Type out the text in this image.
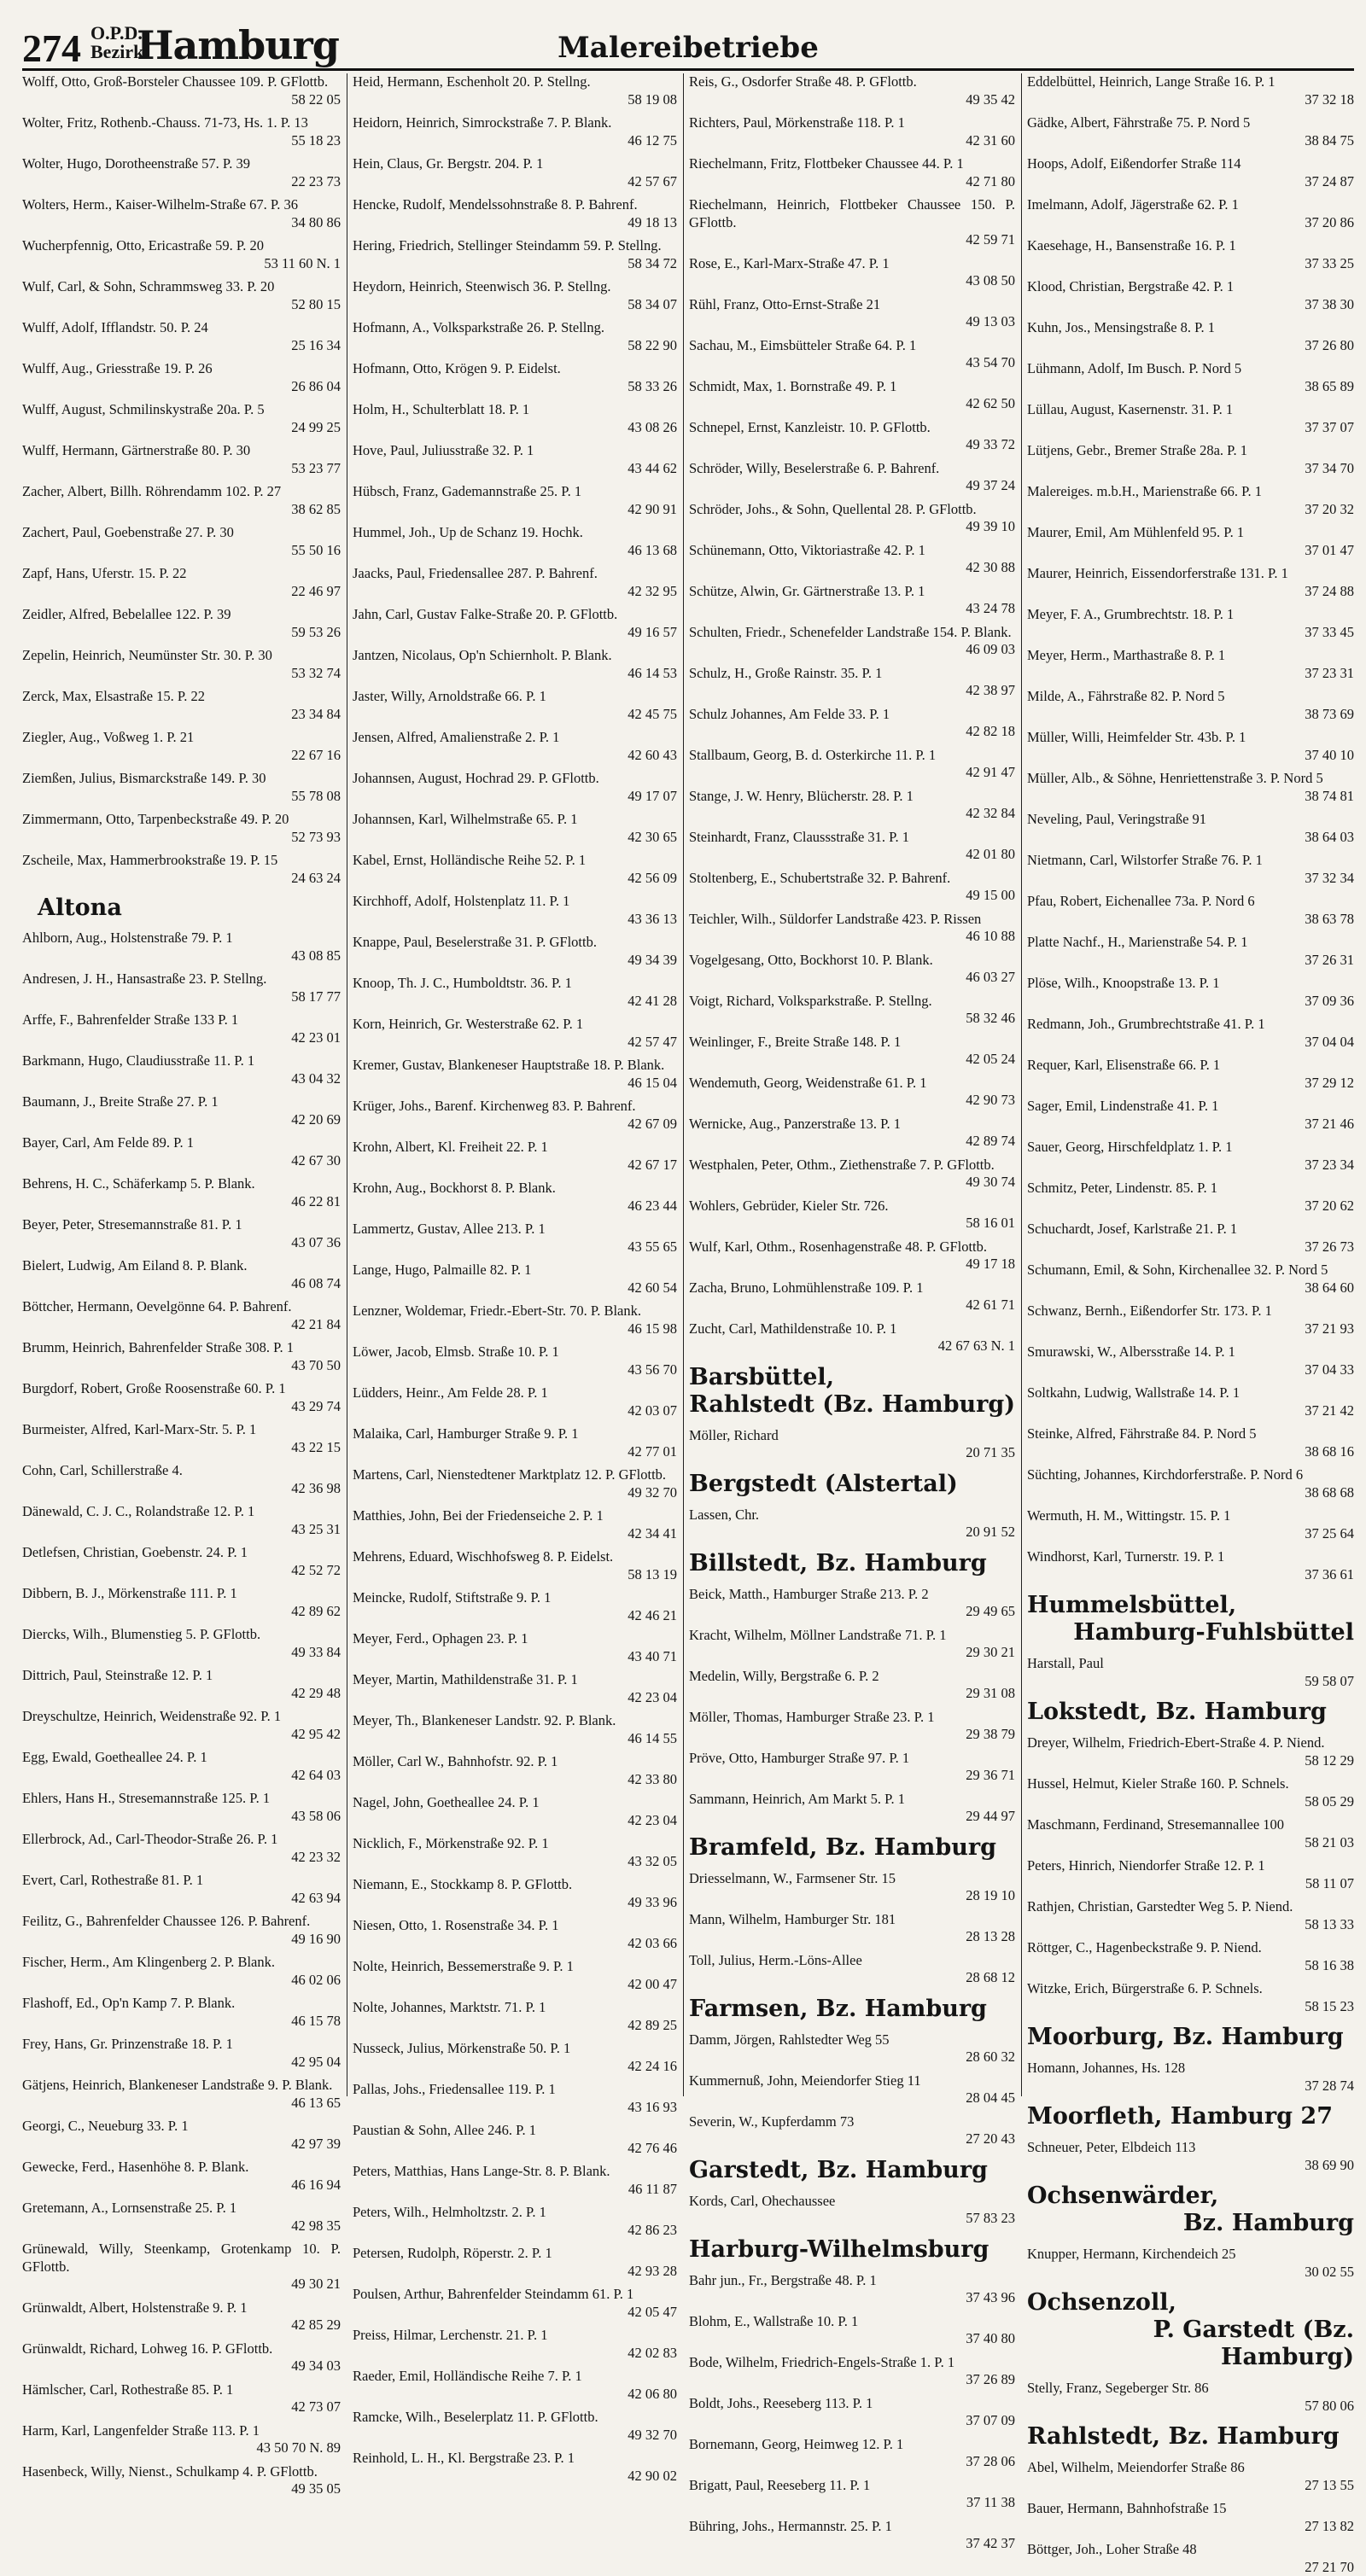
274 O.P.D.
Bezirk
Hamburg	Malereibetriebe
Wolff, Otto, Groß-Borsteler Chaussee 109. P. GFlottb.
58 22 05
Wolter, Fritz, Rothenb.-Chauss. 71-73, Hs. 1. P. 13
55 18 23
Wolter, Hugo, Dorotheenstraße 57. P. 39
22 23 73
Wolters, Herm., Kaiser-Wilhelm-Straße 67. P. 36
34 80 86
Wucherpfennig, Otto, Ericastraße 59. P. 20
53 11 60 N. 1
Wulf, Carl, & Sohn, Schrammsweg 33. P. 20
52 80 15
Wulff, Adolf, Ifflandstr. 50. P. 24
25 16 34
Wulff, Aug., Griesstraße 19. P. 26
26 86 04
Wulff, August, Schmilinskystraße 20a. P. 5
24 99 25
Wulff, Hermann, Gärtnerstraße 80. P. 30
53 23 77
Zacher, Albert, Billh. Röhrendamm 102. P. 27
38 62 85
Zachert, Paul, Goebenstraße 27. P. 30
55 50 16
Zapf, Hans, Uferstr. 15. P. 22
22 46 97
Zeidler, Alfred, Bebelallee 122. P. 39
59 53 26
Zepelin, Heinrich, Neumünster Str. 30. P. 30
53 32 74
Zerck, Max, Elsastraße 15. P. 22
23 34 84
Ziegler, Aug., Voßweg 1. P. 21
22 67 16
Ziemßen, Julius, Bismarckstraße 149. P. 30
55 78 08
Zimmermann, Otto, Tarpenbeckstraße 49. P. 20
52 73 93
Zscheile, Max, Hammerbrookstraße 19. P. 15
24 63 24
Altona
Ahlborn, Aug., Holstenstraße 79. P. 1
43 08 85
Andresen, J. H., Hansastraße 23. P. Stellng.
58 17 77
Arffe, F., Bahrenfelder Straße 133 P. 1
42 23 01
Barkmann, Hugo, Claudiusstraße 11. P. 1
43 04 32
Baumann, J., Breite Straße 27. P. 1
42 20 69
Bayer, Carl, Am Felde 89. P. 1
42 67 30
Behrens, H. C., Schäferkamp 5. P. Blank.
46 22 81
Beyer, Peter, Stresemannstraße 81. P. 1
43 07 36
Bielert, Ludwig, Am Eiland 8. P. Blank.
46 08 74
Böttcher, Hermann, Oevelgönne 64. P. Bahrenf.
42 21 84
Brumm, Heinrich, Bahrenfelder Straße 308. P. 1
43 70 50
Burgdorf, Robert, Große Roosenstraße 60. P. 1
43 29 74
Burmeister, Alfred, Karl-Marx-Str. 5. P. 1
43 22 15
Cohn, Carl, Schillerstraße 4.
42 36 98
Dänewald, C. J. C., Rolandstraße 12. P. 1
43 25 31
Detlefsen, Christian, Goebenstr. 24. P. 1
42 52 72
Dibbern, B. J., Mörkenstraße 111. P. 1
42 89 62
Diercks, Wilh., Blumenstieg 5. P. GFlottb.
49 33 84
Dittrich, Paul, Steinstraße 12. P. 1
42 29 48
Dreyschultze, Heinrich, Weidenstraße 92. P. 1
42 95 42
Egg, Ewald, Goetheallee 24. P. 1
42 64 03
Ehlers, Hans H., Stresemannstraße 125. P. 1
43 58 06
Ellerbrock, Ad., Carl-Theodor-Straße 26. P. 1
42 23 32
Evert, Carl, Rothestraße 81. P. 1
42 63 94
Feilitz, G., Bahrenfelder Chaussee 126. P. Bahrenf.
49 16 90
Fischer, Herm., Am Klingenberg 2. P. Blank.
46 02 06
Flashoff, Ed., Op'n Kamp 7. P. Blank.
46 15 78
Frey, Hans, Gr. Prinzenstraße 18. P. 1
42 95 04
Gätjens, Heinrich, Blankeneser Landstraße 9. P. Blank.
46 13 65
Georgi, C., Neueburg 33. P. 1
42 97 39
Gewecke, Ferd., Hasenhöhe 8. P. Blank.
46 16 94
Gretemann, A., Lornsenstraße 25. P. 1
42 98 35
Grünewald, Willy, Steenkamp, Grotenkamp 10. P. GFlottb.
49 30 21
Grünwaldt, Albert, Holstenstraße 9. P. 1
42 85 29
Grünwaldt, Richard, Lohweg 16. P. GFlottb.
49 34 03
Hämlscher, Carl, Rothestraße 85. P. 1
42 73 07
Harm, Karl, Langenfelder Straße 113. P. 1
43 50 70 N. 89
Hasenbeck, Willy, Nienst., Schulkamp 4. P. GFlottb.
49 35 05
Heid, Hermann, Eschenholt 20. P. Stellng.
58 19 08
Heidorn, Heinrich, Simrockstraße 7. P. Blank.
46 12 75
Hein, Claus, Gr. Bergstr. 204. P. 1
42 57 67
Hencke, Rudolf, Mendelssohnstraße 8. P. Bahrenf.
49 18 13
Hering, Friedrich, Stellinger Steindamm 59. P. Stellng.
58 34 72
Heydorn, Heinrich, Steenwisch 36. P. Stellng.
58 34 07
Hofmann, A., Volksparkstraße 26. P. Stellng.
58 22 90
Hofmann, Otto, Krögen 9. P. Eidelst.
58 33 26
Holm, H., Schulterblatt 18. P. 1
43 08 26
Hove, Paul, Juliusstraße 32. P. 1
43 44 62
Hübsch, Franz, Gademannstraße 25. P. 1
42 90 91
Hummel, Joh., Up de Schanz 19. Hochk.
46 13 68
Jaacks, Paul, Friedensallee 287. P. Bahrenf.
42 32 95
Jahn, Carl, Gustav Falke-Straße 20. P. GFlottb.
49 16 57
Jantzen, Nicolaus, Op'n Schiernholt. P. Blank.
46 14 53
Jaster, Willy, Arnoldstraße 66. P. 1
42 45 75
Jensen, Alfred, Amalienstraße 2. P. 1
42 60 43
Johannsen, August, Hochrad 29. P. GFlottb.
49 17 07
Johannsen, Karl, Wilhelmstraße 65. P. 1
42 30 65
Kabel, Ernst, Holländische Reihe 52. P. 1
42 56 09
Kirchhoff, Adolf, Holstenplatz 11. P. 1
43 36 13
Knappe, Paul, Beselerstraße 31. P. GFlottb.
49 34 39
Knoop, Th. J. C., Humboldtstr. 36. P. 1
42 41 28
Korn, Heinrich, Gr. Westerstraße 62. P. 1
42 57 47
Kremer, Gustav, Blankeneser Hauptstraße 18. P. Blank.
46 15 04
Krüger, Johs., Barenf. Kirchenweg 83. P. Bahrenf.
42 67 09
Krohn, Albert, Kl. Freiheit 22. P. 1
42 67 17
Krohn, Aug., Bockhorst 8. P. Blank.
46 23 44
Lammertz, Gustav, Allee 213. P. 1
43 55 65
Lange, Hugo, Palmaille 82. P. 1
42 60 54
Lenzner, Woldemar, Friedr.-Ebert-Str. 70. P. Blank.
46 15 98
Löwer, Jacob, Elmsb. Straße 10. P. 1
43 56 70
Lüdders, Heinr., Am Felde 28. P. 1
42 03 07
Malaika, Carl, Hamburger Straße 9. P. 1
42 77 01
Martens, Carl, Nienstedtener Marktplatz 12. P. GFlottb.
49 32 70
Matthies, John, Bei der Friedenseiche 2. P. 1
42 34 41
Mehrens, Eduard, Wischhofsweg 8. P. Eidelst.
58 13 19
Meincke, Rudolf, Stiftstraße 9. P. 1
42 46 21
Meyer, Ferd., Ophagen 23. P. 1
43 40 71
Meyer, Martin, Mathildenstraße 31. P. 1
42 23 04
Meyer, Th., Blankeneser Landstr. 92. P. Blank.
46 14 55
Möller, Carl W., Bahnhofstr. 92. P. 1
42 33 80
Nagel, John, Goetheallee 24. P. 1
42 23 04
Nicklich, F., Mörkenstraße 92. P. 1
43 32 05
Niemann, E., Stockkamp 8. P. GFlottb.
49 33 96
Niesen, Otto, 1. Rosenstraße 34. P. 1
42 03 66
Nolte, Heinrich, Bessemerstraße 9. P. 1
42 00 47
Nolte, Johannes, Marktstr. 71. P. 1
42 89 25
Nusseck, Julius, Mörkenstraße 50. P. 1
42 24 16
Pallas, Johs., Friedensallee 119. P. 1
43 16 93
Paustian & Sohn, Allee 246. P. 1
42 76 46
Peters, Matthias, Hans Lange-Str. 8. P. Blank.
46 11 87
Peters, Wilh., Helmholtzstr. 2. P. 1
42 86 23
Petersen, Rudolph, Röperstr. 2. P. 1
42 93 28
Poulsen, Arthur, Bahrenfelder Steindamm 61. P. 1
42 05 47
Preiss, Hilmar, Lerchenstr. 21. P. 1
42 02 83
Raeder, Emil, Holländische Reihe 7. P. 1
42 06 80
Ramcke, Wilh., Beselerplatz 11. P. GFlottb.
49 32 70
Reinhold, L. H., Kl. Bergstraße 23. P. 1
42 90 02
Reis, G., Osdorfer Straße 48. P. GFlottb.
49 35 42
Richters, Paul, Mörkenstraße 118. P. 1
42 31 60
Riechelmann, Fritz, Flottbeker Chaussee 44. P. 1
42 71 80
Riechelmann, Heinrich, Flottbeker Chaussee 150. P. GFlottb.
42 59 71
Rose, E., Karl-Marx-Straße 47. P. 1
43 08 50
Rühl, Franz, Otto-Ernst-Straße 21
49 13 03
Sachau, M., Eimsbütteler Straße 64. P. 1
43 54 70
Schmidt, Max, 1. Bornstraße 49. P. 1
42 62 50
Schnepel, Ernst, Kanzleistr. 10. P. GFlottb.
49 33 72
Schröder, Willy, Beselerstraße 6. P. Bahrenf.
49 37 24
Schröder, Johs., & Sohn, Quellental 28. P. GFlottb.
49 39 10
Schünemann, Otto, Viktoriastraße 42. P. 1
42 30 88
Schütze, Alwin, Gr. Gärtnerstraße 13. P. 1
43 24 78
Schulten, Friedr., Schenefelder Landstraße 154. P. Blank.
46 09 03
Schulz, H., Große Rainstr. 35. P. 1
42 38 97
Schulz Johannes, Am Felde 33. P. 1
42 82 18
Stallbaum, Georg, B. d. Osterkirche 11. P. 1
42 91 47
Stange, J. W. Henry, Blücherstr. 28. P. 1
42 32 84
Steinhardt, Franz, Claussstraße 31. P. 1
42 01 80
Stoltenberg, E., Schubertstraße 32. P. Bahrenf.
49 15 00
Teichler, Wilh., Süldorfer Landstraße 423. P. Rissen
46 10 88
Vogelgesang, Otto, Bockhorst 10. P. Blank.
46 03 27
Voigt, Richard, Volksparkstraße. P. Stellng.
58 32 46
Weinlinger, F., Breite Straße 148. P. 1
42 05 24
Wendemuth, Georg, Weidenstraße 61. P. 1
42 90 73
Wernicke, Aug., Panzerstraße 13. P. 1
42 89 74
Westphalen, Peter, Othm., Ziethenstraße 7. P. GFlottb.
49 30 74
Wohlers, Gebrüder, Kieler Str. 726.
58 16 01
Wulf, Karl, Othm., Rosenhagenstraße 48. P. GFlottb.
49 17 18
Zacha, Bruno, Lohmühlenstraße 109. P. 1
42 61 71
Zucht, Carl, Mathildenstraße 10. P. 1
42 67 63 N. 1
Barsbüttel,
Rahlstedt (Bz. Hamburg)
Möller, Richard
20 71 35
Bergstedt (Alstertal)
Lassen, Chr.
20 91 52
Billstedt, Bz. Hamburg
Beick, Matth., Hamburger Straße 213. P. 2
29 49 65
Kracht, Wilhelm, Möllner Landstraße 71. P. 1
29 30 21
Medelin, Willy, Bergstraße 6. P. 2
29 31 08
Möller, Thomas, Hamburger Straße 23. P. 1
29 38 79
Pröve, Otto, Hamburger Straße 97. P. 1
29 36 71
Sammann, Heinrich, Am Markt 5. P. 1
29 44 97
Bramfeld, Bz. Hamburg
Driesselmann, W., Farmsener Str. 15
28 19 10
Mann, Wilhelm, Hamburger Str. 181
28 13 28
Toll, Julius, Herm.-Löns-Allee
28 68 12
Farmsen, Bz. Hamburg
Damm, Jörgen, Rahlstedter Weg 55
28 60 32
Kummernuß, John, Meiendorfer Stieg 11
28 04 45
Severin, W., Kupferdamm 73
27 20 43
Garstedt, Bz. Hamburg
Kords, Carl, Ohechaussee
57 83 23
Harburg-Wilhelmsburg
Bahr jun., Fr., Bergstraße 48. P. 1
37 43 96
Blohm, E., Wallstraße 10. P. 1
37 40 80
Bode, Wilhelm, Friedrich-Engels-Straße 1. P. 1
37 26 89
Boldt, Johs., Reeseberg 113. P. 1
37 07 09
Bornemann, Georg, Heimweg 12. P. 1
37 28 06
Brigatt, Paul, Reeseberg 11. P. 1
37 11 38
Bühring, Johs., Hermannstr. 25. P. 1
37 42 37
Eddelbüttel, Heinrich, Lange Straße 16. P. 1
37 32 18
Gädke, Albert, Fährstraße 75. P. Nord 5
38 84 75
Hoops, Adolf, Eißendorfer Straße 114
37 24 87
Imelmann, Adolf, Jägerstraße 62. P. 1
37 20 86
Kaesehage, H., Bansenstraße 16. P. 1
37 33 25
Klood, Christian, Bergstraße 42. P. 1
37 38 30
Kuhn, Jos., Mensingstraße 8. P. 1
37 26 80
Lühmann, Adolf, Im Busch. P. Nord 5
38 65 89
Lüllau, August, Kasernenstr. 31. P. 1
37 37 07
Lütjens, Gebr., Bremer Straße 28a. P. 1
37 34 70
Malereiges. m.b.H., Marienstraße 66. P. 1
37 20 32
Maurer, Emil, Am Mühlenfeld 95. P. 1
37 01 47
Maurer, Heinrich, Eissendorferstraße 131. P. 1
37 24 88
Meyer, F. A., Grumbrechtstr. 18. P. 1
37 33 45
Meyer, Herm., Marthastraße 8. P. 1
37 23 31
Milde, A., Fährstraße 82. P. Nord 5
38 73 69
Müller, Willi, Heimfelder Str. 43b. P. 1
37 40 10
Müller, Alb., & Söhne, Henriettenstraße 3. P. Nord 5
38 74 81
Neveling, Paul, Veringstraße 91
38 64 03
Nietmann, Carl, Wilstorfer Straße 76. P. 1
37 32 34
Pfau, Robert, Eichenallee 73a. P. Nord 6
38 63 78
Platte Nachf., H., Marienstraße 54. P. 1
37 26 31
Plöse, Wilh., Knoopstraße 13. P. 1
37 09 36
Redmann, Joh., Grumbrechtstraße 41. P. 1
37 04 04
Requer, Karl, Elisenstraße 66. P. 1
37 29 12
Sager, Emil, Lindenstraße 41. P. 1
37 21 46
Sauer, Georg, Hirschfeldplatz 1. P. 1
37 23 34
Schmitz, Peter, Lindenstr. 85. P. 1
37 20 62
Schuchardt, Josef, Karlstraße 21. P. 1
37 26 73
Schumann, Emil, & Sohn, Kirchenallee 32. P. Nord 5
38 64 60
Schwanz, Bernh., Eißendorfer Str. 173. P. 1
37 21 93
Smurawski, W., Albersstraße 14. P. 1
37 04 33
Soltkahn, Ludwig, Wallstraße 14. P. 1
37 21 42
Steinke, Alfred, Fährstraße 84. P. Nord 5
38 68 16
Süchting, Johannes, Kirchdorferstraße. P. Nord 6
38 68 68
Wermuth, H. M., Wittingstr. 15. P. 1
37 25 64
Windhorst, Karl, Turnerstr. 19. P. 1
37 36 61
Hummelsbüttel,
Hamburg-Fuhlsbüttel
Harstall, Paul
59 58 07
Lokstedt, Bz. Hamburg
Dreyer, Wilhelm, Friedrich-Ebert-Straße 4. P. Niend.
58 12 29
Hussel, Helmut, Kieler Straße 160. P. Schnels.
58 05 29
Maschmann, Ferdinand, Stresemannallee 100
58 21 03
Peters, Hinrich, Niendorfer Straße 12. P. 1
58 11 07
Rathjen, Christian, Garstedter Weg 5. P. Niend.
58 13 33
Röttger, C., Hagenbeckstraße 9. P. Niend.
58 16 38
Witzke, Erich, Bürgerstraße 6. P. Schnels.
58 15 23
Moorburg, Bz. Hamburg
Homann, Johannes, Hs. 128
37 28 74
Moorfleth, Hamburg 27
Schneuer, Peter, Elbdeich 113
38 69 90
Ochsenwärder,
Bz. Hamburg
Knupper, Hermann, Kirchendeich 25
30 02 55
Ochsenzoll,
P. Garstedt (Bz. Hamburg)
Stelly, Franz, Segeberger Str. 86
57 80 06
Rahlstedt, Bz. Hamburg
Abel, Wilhelm, Meiendorfer Straße 86
27 13 55
Bauer, Hermann, Bahnhofstraße 15
27 13 82
Böttger, Joh., Loher Straße 48
27 21 70
